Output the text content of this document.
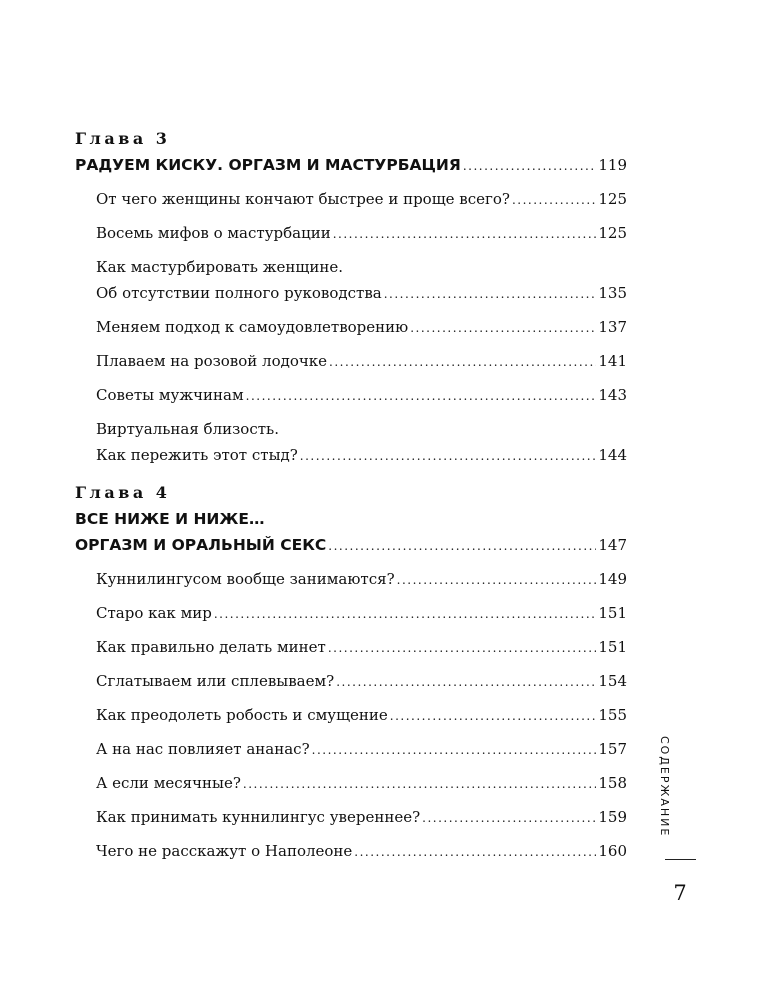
Глава 3
РАДУЕМ КИСКУ. ОРГАЗМ И МАСТУРБАЦИЯ .....	119
От чего женщины кончают быстрее и проще всего? .....	125
Восемь мифов о мастурбации .....	125
Как мастурбировать женщине.
Об отсутствии полного руководства .....	135
Меняем подход к самоудовлетворению .....	137
Плаваем на розовой лодочке .....	141
Советы мужчинам .....	143
Виртуальная близость.
Как пережить этот стыд? .....	144
Глава 4
ВСЕ НИЖЕ И НИЖЕ…
ОРГАЗМ И ОРАЛЬНЫЙ СЕКС .....	147
Куннилингусом вообще занимаются? .....	149
Старо как мир .....	151
Как правильно делать минет .....	151
Сглатываем или сплевываем? .....	154
Как преодолеть робость и смущение .....	155
А на нас повлияет ананас? .....	157
А если месячные? .....	158
Как принимать куннилингус увереннее? .....	159
Чего не расскажут о Наполеоне .....	160
СОДЕРЖАНИЕ
7
